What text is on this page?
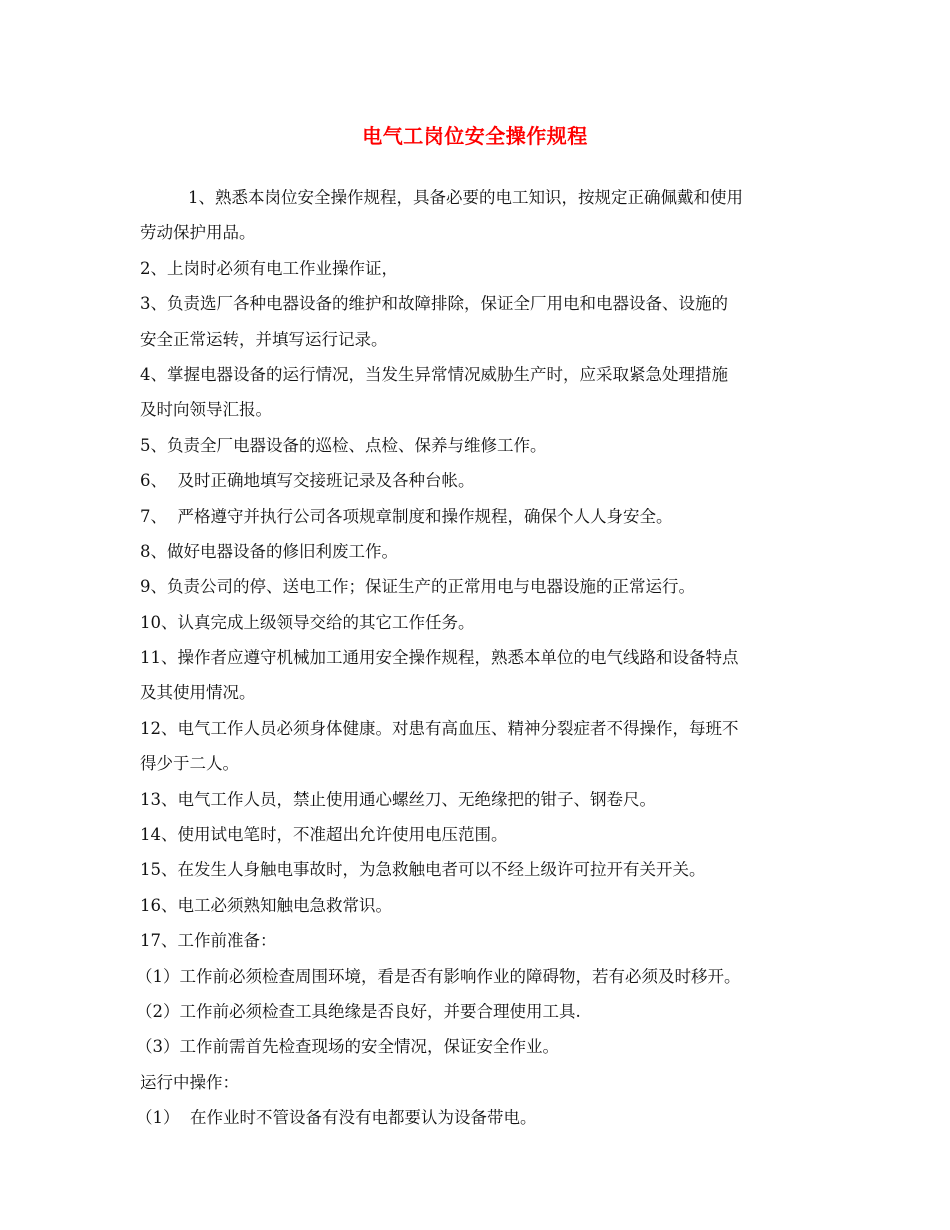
电气工岗位安全操作规程
1、熟悉本岗位安全操作规程，具备必要的电工知识，按规定正确佩戴和使用
劳动保护用品。
2、上岗时必须有电工作业操作证，
3、负责选厂各种电器设备的维护和故障排除，保证全厂用电和电器设备、设施的
安全正常运转，并填写运行记录。
4、掌握电器设备的运行情况，当发生异常情况威胁生产时，应采取紧急处理措施
及时向领导汇报。
5、负责全厂电器设备的巡检、点检、保养与维修工作。
6、  及时正确地填写交接班记录及各种台帐。
7、  严格遵守并执行公司各项规章制度和操作规程，确保个人人身安全。
8、做好电器设备的修旧利废工作。
9、负责公司的停、送电工作；保证生产的正常用电与电器设施的正常运行。
10、认真完成上级领导交给的其它工作任务。
11、操作者应遵守机械加工通用安全操作规程，熟悉本单位的电气线路和设备特点
及其使用情况。
12、电气工作人员必须身体健康。对患有高血压、精神分裂症者不得操作，每班不
得少于二人。
13、电气工作人员，禁止使用通心螺丝刀、无绝缘把的钳子、钢卷尺。
14、使用试电笔时，不准超出允许使用电压范围。
15、在发生人身触电事故时，为急救触电者可以不经上级许可拉开有关开关。
16、电工必须熟知触电急救常识。
17、工作前准备：
（1）工作前必须检查周围环境，看是否有影响作业的障碍物，若有必须及时移开。
（2）工作前必须检查工具绝缘是否良好，并要合理使用工具.
（3）工作前需首先检查现场的安全情况，保证安全作业。
运行中操作：
（1）  在作业时不管设备有没有电都要认为设备带电。
